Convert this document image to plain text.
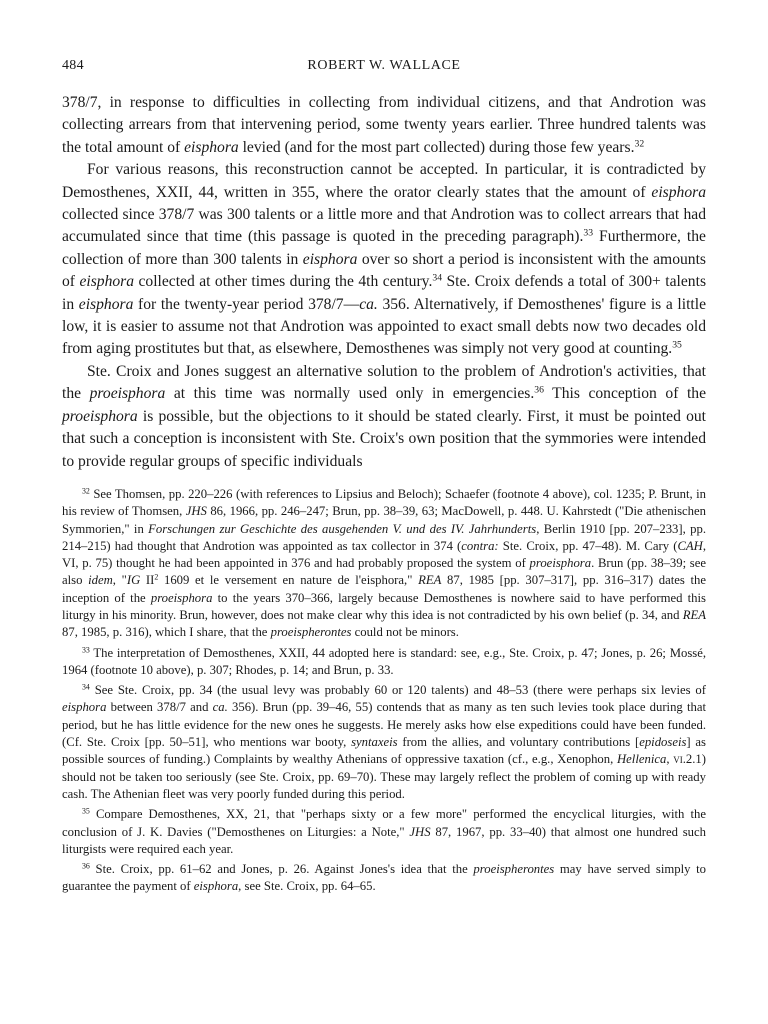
484	ROBERT W. WALLACE

378/7, in response to difficulties in collecting from individual citizens, and that Androtion was collecting arrears from that intervening period, some twenty years earlier. Three hundred talents was the total amount of eisphora levied (and for the most part collected) during those few years.$^{32}$

For various reasons, this reconstruction cannot be accepted. In particular, it is contradicted by Demosthenes, XXII, 44, written in 355, where the orator clearly states that the amount of eisphora collected since 378/7 was 300 talents or a little more and that Androtion was to collect arrears that had accumulated since that time (this passage is quoted in the preceding paragraph).$^{33}$ Furthermore, the collection of more than 300 talents in eisphora over so short a period is inconsistent with the amounts of eisphora collected at other times during the 4th century.$^{34}$ Ste. Croix defends a total of 300+ talents in eisphora for the twenty-year period 378/7—ca. 356. Alternatively, if Demosthenes' figure is a little low, it is easier to assume not that Androtion was appointed to exact small debts now two decades old from aging prostitutes but that, as elsewhere, Demosthenes was simply not very good at counting.$^{35}$

Ste. Croix and Jones suggest an alternative solution to the problem of Androtion's activities, that the proeisphora at this time was normally used only in emergencies.$^{36}$ This conception of the proeisphora is possible, but the objections to it should be stated clearly. First, it must be pointed out that such a conception is inconsistent with Ste. Croix's own position that the symmories were intended to provide regular groups of specific individuals

$^{32}$ See Thomsen, pp. 220–226 (with references to Lipsius and Beloch); Schaefer (footnote 4 above), col. 1235; P. Brunt, in his review of Thomsen, JHS 86, 1966, pp. 246–247; Brun, pp. 38–39, 63; MacDowell, p. 448. U. Kahrstedt ("Die athenischen Symmorien," in Forschungen zur Geschichte des ausgehenden V. und des IV. Jahrhunderts, Berlin 1910 [pp. 207–233], pp. 214–215) had thought that Androtion was appointed as tax collector in 374 (contra: Ste. Croix, pp. 47–48). M. Cary (CAH, VI, p. 75) thought he had been appointed in 376 and had probably proposed the system of proeisphora. Brun (pp. 38–39; see also idem, "IG $II^2$ 1609 et le versement en nature de l'eisphora," REA 87, 1985 [pp. 307–317], pp. 316–317) dates the inception of the proeisphora to the years 370–366, largely because Demosthenes is nowhere said to have performed this liturgy in his minority. Brun, however, does not make clear why this idea is not contradicted by his own belief (p. 34, and REA 87, 1985, p. 316), which I share, that the proeispherontes could not be minors.

$^{33}$ The interpretation of Demosthenes, XXII, 44 adopted here is standard: see, e.g., Ste. Croix, p. 47; Jones, p. 26; Mossé, 1964 (footnote 10 above), p. 307; Rhodes, p. 14; and Brun, p. 33.

$^{34}$ See Ste. Croix, pp. 34 (the usual levy was probably 60 or 120 talents) and 48–53 (there were perhaps six levies of eisphora between 378/7 and ca. 356). Brun (pp. 39–46, 55) contends that as many as ten such levies took place during that period, but he has little evidence for the new ones he suggests. He merely asks how else expeditions could have been funded. (Cf. Ste. Croix [pp. 50–51], who mentions war booty, syntaxeis from the allies, and voluntary contributions [epidoseis] as possible sources of funding.) Complaints by wealthy Athenians of oppressive taxation (cf., e.g., Xenophon, Hellenica, vi.2.1) should not be taken too seriously (see Ste. Croix, pp. 69–70). These may largely reflect the problem of coming up with ready cash. The Athenian fleet was very poorly funded during this period.

$^{35}$ Compare Demosthenes, XX, 21, that "perhaps sixty or a few more" performed the encyclical liturgies, with the conclusion of J. K. Davies ("Demosthenes on Liturgies: a Note," JHS 87, 1967, pp. 33–40) that almost one hundred such liturgists were required each year.

$^{36}$ Ste. Croix, pp. 61–62 and Jones, p. 26. Against Jones's idea that the proeispherontes may have served simply to guarantee the payment of eisphora, see Ste. Croix, pp. 64–65.
